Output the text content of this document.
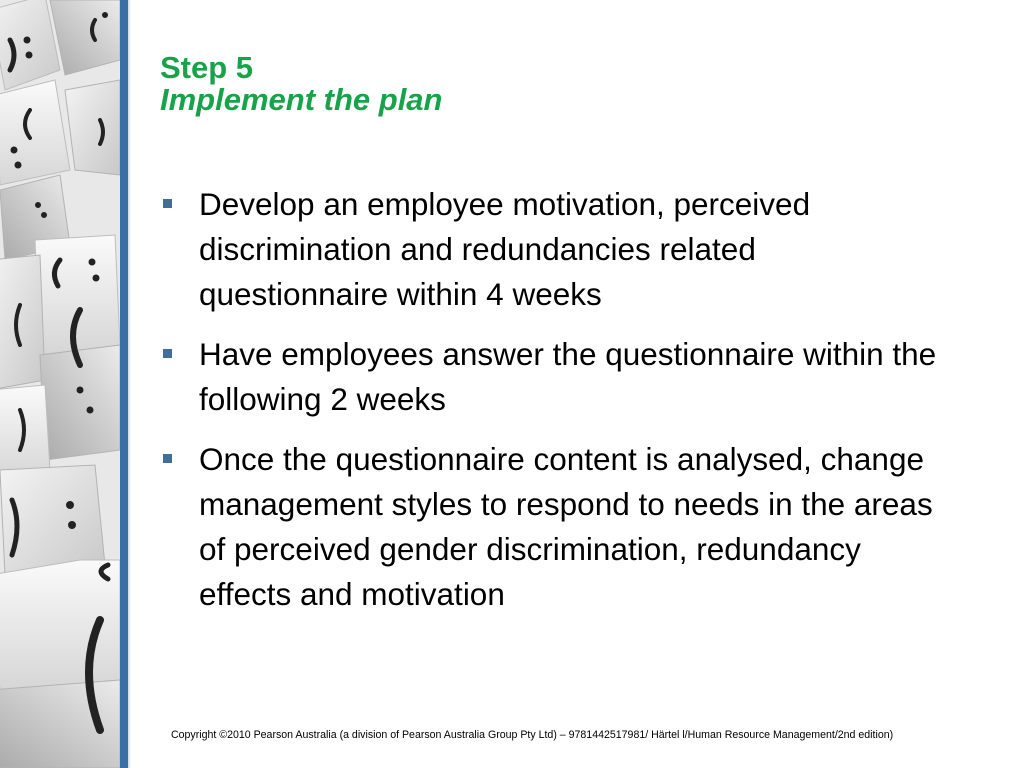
Step 5
Implement the plan
Develop an employee motivation, perceived discrimination and redundancies related questionnaire within 4 weeks
Have employees answer the questionnaire within the following 2 weeks
Once the questionnaire content is analysed, change management styles to respond to needs in the areas of perceived gender discrimination, redundancy effects and motivation
Copyright ©2010 Pearson Australia (a division of Pearson Australia Group Pty Ltd) – 9781442517981/ Härtel l/Human Resource Management/2nd edition)
